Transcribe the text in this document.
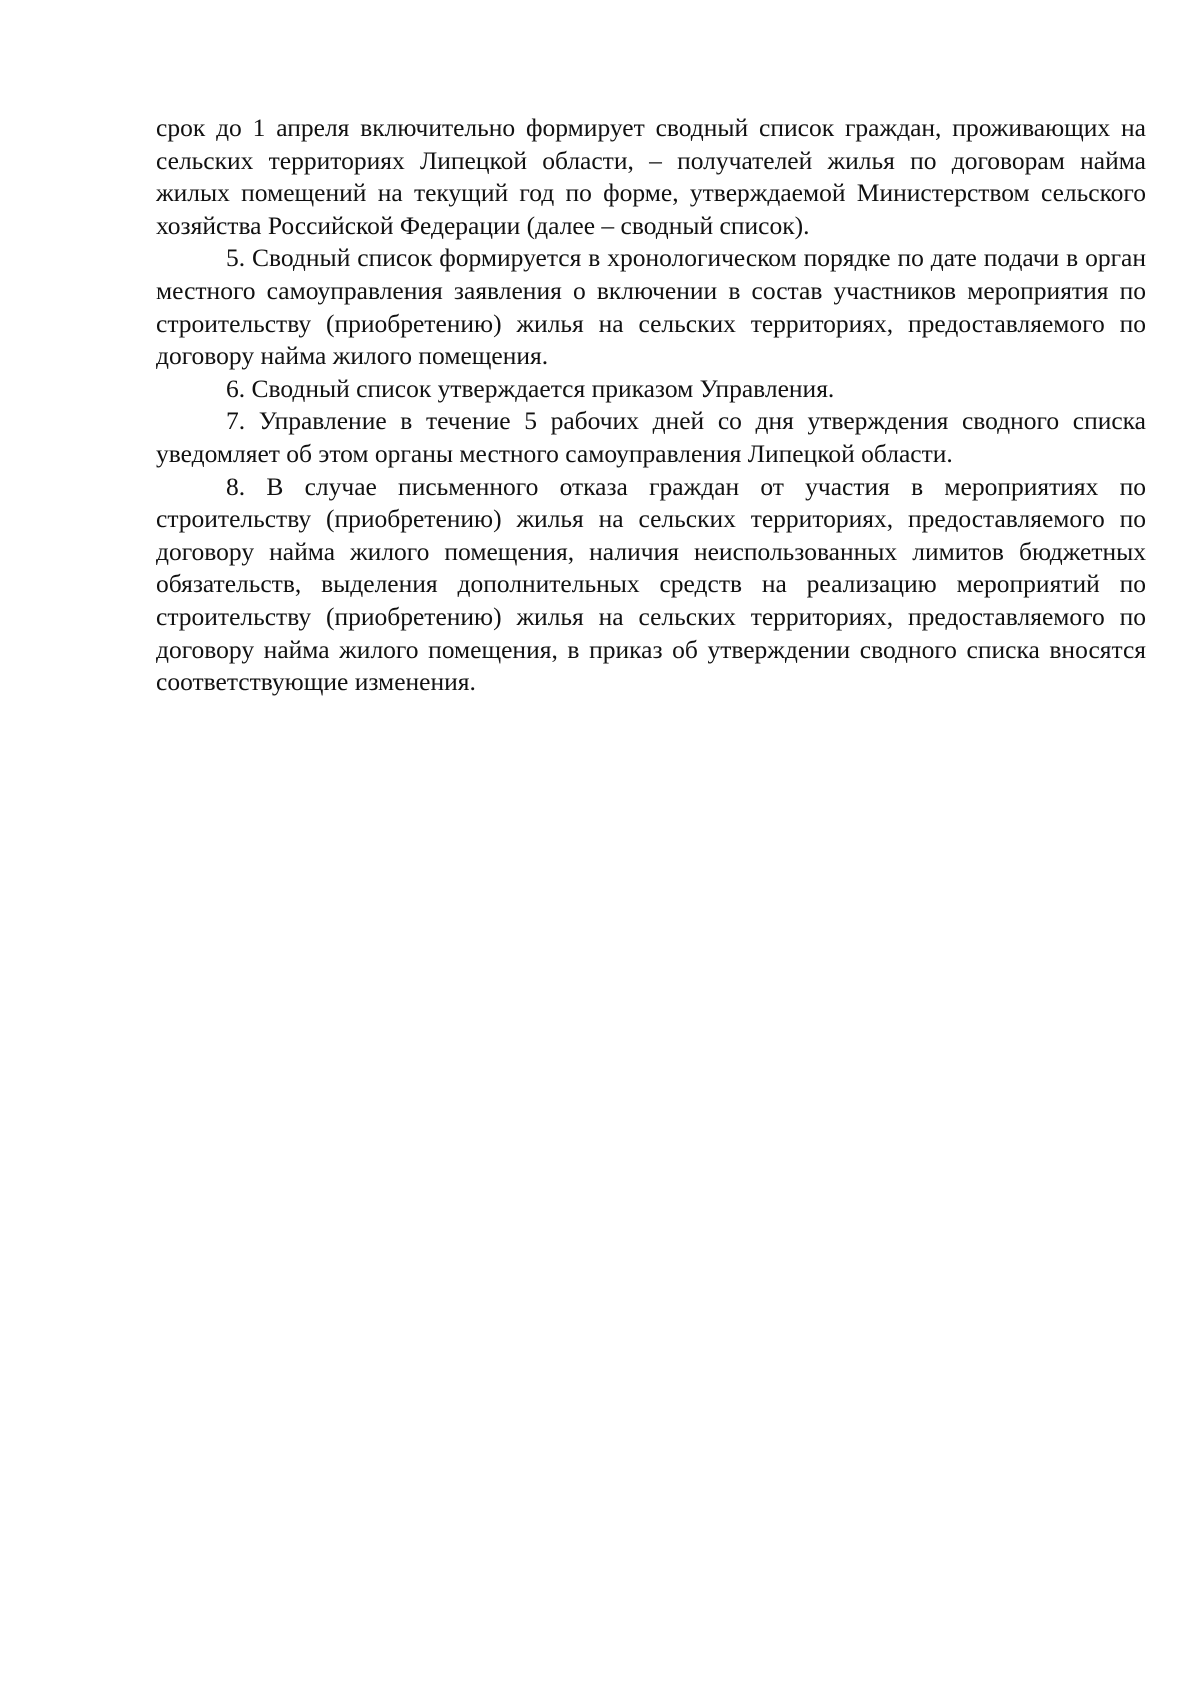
срок до 1 апреля включительно формирует сводный список граждан, проживающих на сельских территориях Липецкой области, – получателей жилья по договорам найма жилых помещений на текущий год по форме, утверждаемой Министерством сельского хозяйства Российской Федерации (далее – сводный список).

5. Сводный список формируется в хронологическом порядке по дате подачи в орган местного самоуправления заявления о включении в состав участников мероприятия по строительству (приобретению) жилья на сельских территориях, предоставляемого по договору найма жилого помещения.

6. Сводный список утверждается приказом Управления.

7. Управление в течение 5 рабочих дней со дня утверждения сводного списка уведомляет об этом органы местного самоуправления Липецкой области.

8. В случае письменного отказа граждан от участия в мероприятиях по строительству (приобретению) жилья на сельских территориях, предоставляемого по договору найма жилого помещения, наличия неиспользованных лимитов бюджетных обязательств, выделения дополнительных средств на реализацию мероприятий по строительству (приобретению) жилья на сельских территориях, предоставляемого по договору найма жилого помещения, в приказ об утверждении сводного списка вносятся соответствующие изменения.
